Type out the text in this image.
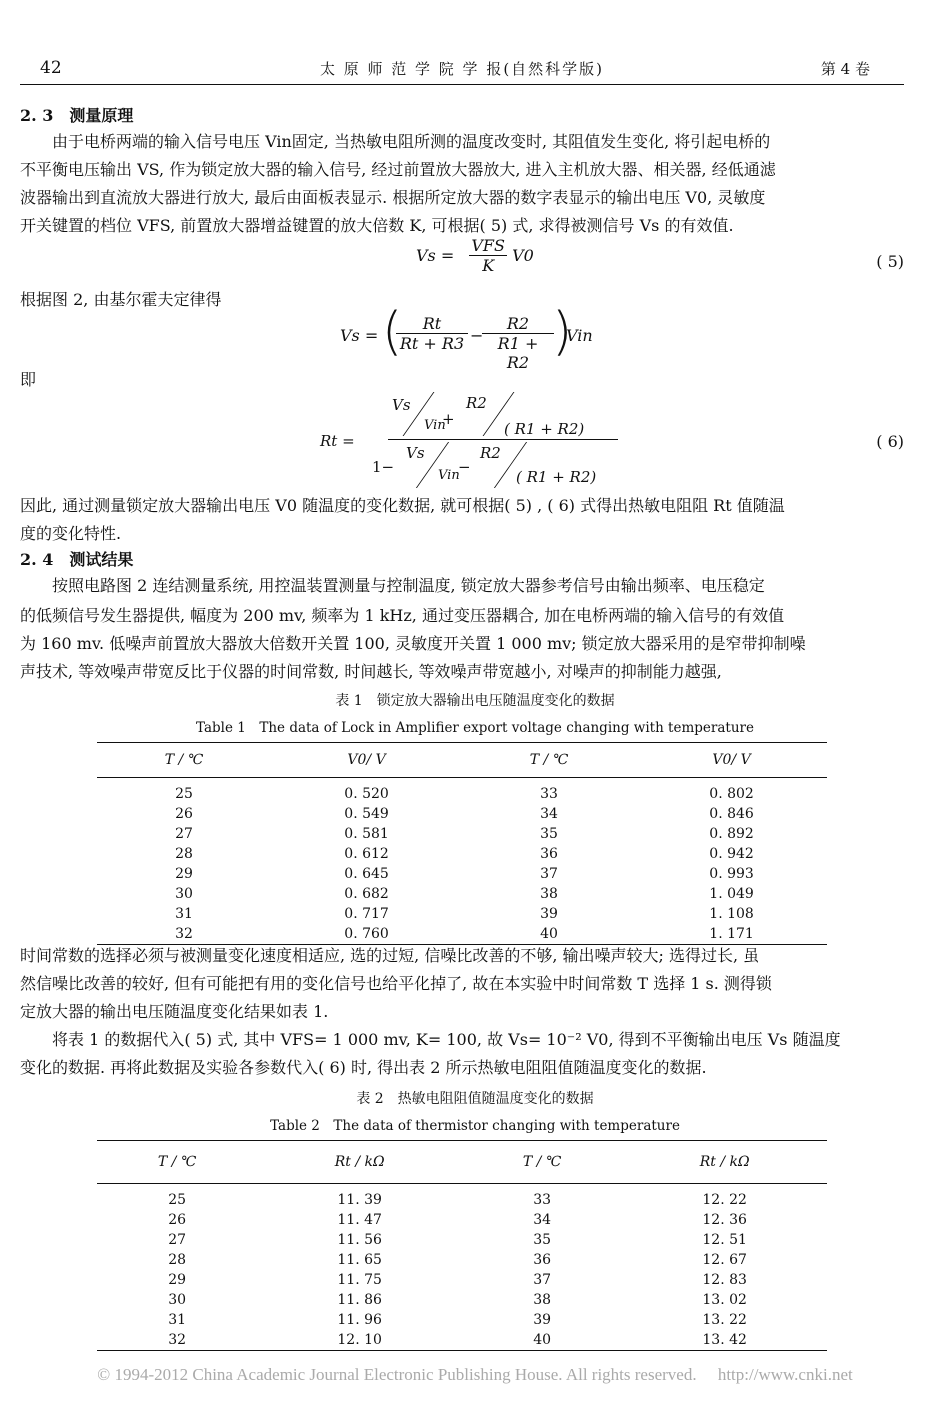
42	太 原 师 范 学 院 学 报(自然科学版)	第 4 卷
2. 3　测量原理
　　由于电桥两端的输入信号电压 Vin固定, 当热敏电阻所测的温度改变时, 其阻值发生变化, 将引起电桥的
不平衡电压输出 VS, 作为锁定放大器的输入信号, 经过前置放大器放大, 进入主机放大器、相关器, 经低通滤
波器输出到直流放大器进行放大, 最后由面板表显示. 根据所定放大器的数字表显示的输出电压 V0, 灵敏度
开关键置的档位 VFS, 前置放大器增益键置的放大倍数 K, 可根据( 5) 式, 求得被测信号 Vs 的有效值.
$Vs = \frac{\text{VFS}}{K} V0$	( 5)
根据图 2, 由基尔霍夫定律得
Vs = (
$\frac{Rt}{Rt + R3}$ −
$\frac{R2}{R1 + R2}$
)
Vin
即
Rt =
Vs
Vin
+
R2
( R1 + R2)
1−
Vs
Vin
−
R2
( R1 + R2)
( 6)
因此, 通过测量锁定放大器输出电压 V0 随温度的变化数据, 就可根据( 5) , ( 6) 式得出热敏电阻阻 Rt 值随温
度的变化特性.
2. 4　测试结果
　　按照电路图 2 连结测量系统, 用控温装置测量与控制温度, 锁定放大器参考信号由输出频率、电压稳定
的低频信号发生器提供, 幅度为 200 mv, 频率为 1 kHz, 通过变压器耦合, 加在电桥两端的输入信号的有效值
为 160 mv. 低噪声前置放大器放大倍数开关置 100, 灵敏度开关置 1 000 mv; 锁定放大器采用的是窄带抑制噪
声技术, 等效噪声带宽反比于仪器的时间常数, 时间越长, 等效噪声带宽越小, 对噪声的抑制能力越强,
表 1　锁定放大器输出电压随温度变化的数据
Table 1　The data of Lock in Amplifier export voltage changing with temperature
T / ℃	V0/ V	T / ℃	V0/ V
25	0. 520	33	0. 802
26	0. 549	34	0. 846
27	0. 581	35	0. 892
28	0. 612	36	0. 942
29	0. 645	37	0. 993
30	0. 682	38	1. 049
31	0. 717	39	1. 108
32	0. 760	40	1. 171
时间常数的选择必须与被测量变化速度相适应, 选的过短, 信噪比改善的不够, 输出噪声较大; 选得过长, 虽
然信噪比改善的较好, 但有可能把有用的变化信号也给平化掉了, 故在本实验中时间常数 T 选择 1 s. 测得锁
定放大器的输出电压随温度变化结果如表 1.
　　将表 1 的数据代入( 5) 式, 其中 VFS= 1 000 mv, K= 100, 故 Vs= 10⁻² V0, 得到不平衡输出电压 Vs 随温度
变化的数据. 再将此数据及实验各参数代入( 6) 时, 得出表 2 所示热敏电阻阻值随温度变化的数据.
表 2　热敏电阻阻值随温度变化的数据
Table 2　The data of thermistor changing with temperature
T / ℃	Rt / kΩ	T / ℃	Rt / kΩ
25	11. 39	33	12. 22
26	11. 47	34	12. 36
27	11. 56	35	12. 51
28	11. 65	36	12. 67
29	11. 75	37	12. 83
30	11. 86	38	13. 02
31	11. 96	39	13. 22
32	12. 10	40	13. 42
© 1994-2012 China Academic Journal Electronic Publishing House. All rights reserved.　 http://www.cnki.net
